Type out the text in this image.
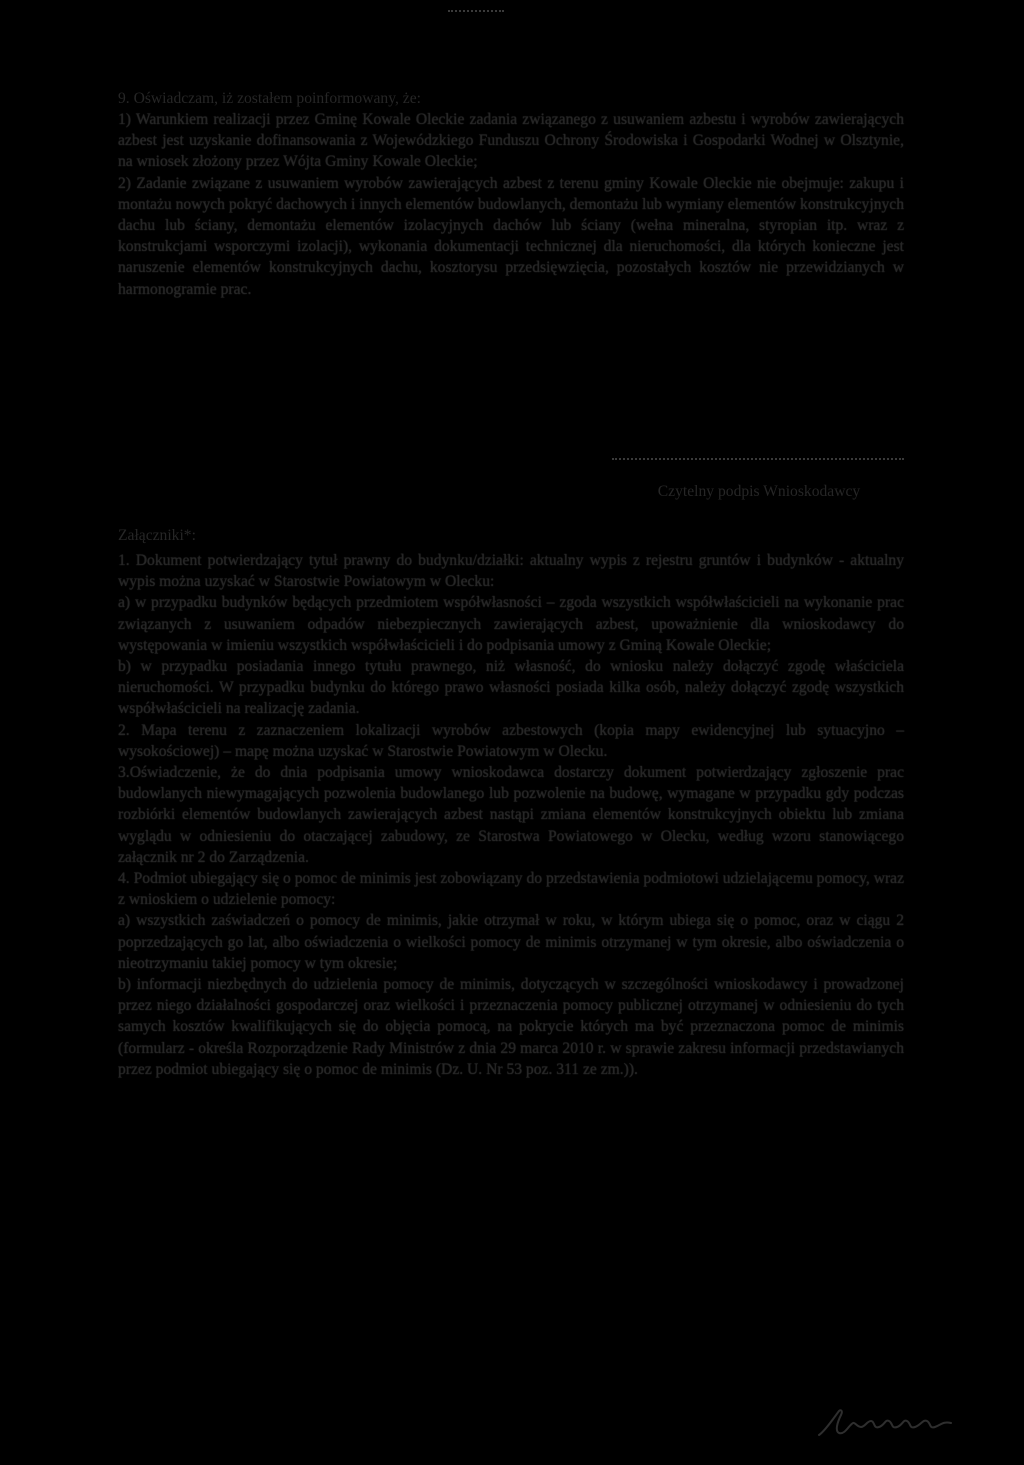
9. Oświadczam, iż zostałem poinformowany, że:

1) Warunkiem realizacji przez Gminę Kowale Oleckie zadania związanego z usuwaniem azbestu i wyrobów zawierających azbest jest uzyskanie dofinansowania z Wojewódzkiego Funduszu Ochrony Środowiska i Gospodarki Wodnej w Olsztynie, na wniosek złożony przez Wójta Gminy Kowale Oleckie;

2) Zadanie związane z usuwaniem wyrobów zawierających azbest z terenu gminy Kowale Oleckie nie obejmuje: zakupu i montażu nowych pokryć dachowych i innych elementów budowlanych, demontażu lub wymiany elementów konstrukcyjnych dachu lub ściany, demontażu elementów izolacyjnych dachów lub ściany (wełna mineralna, styropian itp. wraz z konstrukcjami wsporczymi izolacji), wykonania dokumentacji technicznej dla nieruchomości, dla których konieczne jest naruszenie elementów konstrukcyjnych dachu, kosztorysu przedsięwzięcia, pozostałych kosztów nie przewidzianych w harmonogramie prac.

Czytelny podpis Wnioskodawcy
Załączniki*:

1. Dokument potwierdzający tytuł prawny do budynku/działki: aktualny wypis z rejestru gruntów i budynków - aktualny wypis można uzyskać w Starostwie Powiatowym w Olecku:

a) w przypadku budynków będących przedmiotem współwłasności – zgoda wszystkich współwłaścicieli na wykonanie prac związanych z usuwaniem odpadów niebezpiecznych zawierających azbest, upoważnienie dla wnioskodawcy do występowania w imieniu wszystkich współwłaścicieli i do podpisania umowy z Gminą Kowale Oleckie;

b) w przypadku posiadania innego tytułu prawnego, niż własność, do wniosku należy dołączyć zgodę właściciela nieruchomości. W przypadku budynku do którego prawo własności posiada kilka osób, należy dołączyć zgodę wszystkich współwłaścicieli na realizację zadania.

2. Mapa terenu z zaznaczeniem lokalizacji wyrobów azbestowych (kopia mapy ewidencyjnej lub sytuacyjno – wysokościowej) – mapę można uzyskać w Starostwie Powiatowym w Olecku.

3.Oświadczenie, że do dnia podpisania umowy wnioskodawca dostarczy dokument potwierdzający zgłoszenie prac budowlanych niewymagających pozwolenia budowlanego lub pozwolenie na budowę, wymagane w przypadku gdy podczas rozbiórki elementów budowlanych zawierających azbest nastąpi zmiana elementów konstrukcyjnych obiektu lub zmiana wyglądu w odniesieniu do otaczającej zabudowy, ze Starostwa Powiatowego w Olecku, według wzoru stanowiącego załącznik nr 2 do Zarządzenia.

4. Podmiot ubiegający się o pomoc de minimis jest zobowiązany do przedstawienia podmiotowi udzielającemu pomocy, wraz z wnioskiem o udzielenie pomocy:

a) wszystkich zaświadczeń o pomocy de minimis, jakie otrzymał w roku, w którym ubiega się o pomoc, oraz w ciągu 2 poprzedzających go lat, albo oświadczenia o wielkości pomocy de minimis otrzymanej w tym okresie, albo oświadczenia o nieotrzymaniu takiej pomocy w tym okresie;

b) informacji niezbędnych do udzielenia pomocy de minimis, dotyczących w szczególności wnioskodawcy i prowadzonej przez niego działalności gospodarczej oraz wielkości i przeznaczenia pomocy publicznej otrzymanej w odniesieniu do tych samych kosztów kwalifikujących się do objęcia pomocą, na pokrycie których ma być przeznaczona pomoc de minimis (formularz - określa Rozporządzenie Rady Ministrów z dnia 29 marca 2010 r. w sprawie zakresu informacji przedstawianych przez podmiot ubiegający się o pomoc de minimis (Dz. U. Nr 53 poz. 311 ze zm.)).
